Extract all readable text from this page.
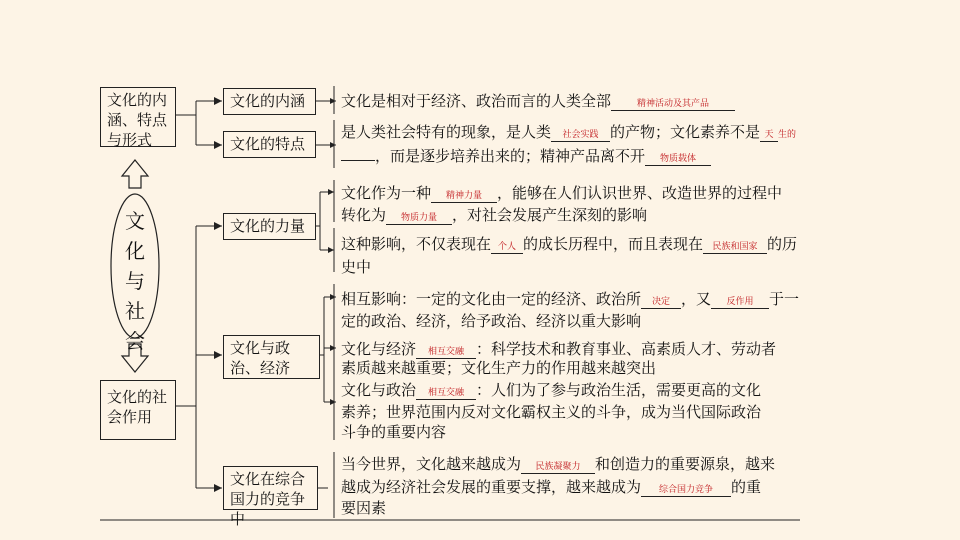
文化的内涵、特点与形式
文化与社会
文化的社会作用
文化的内涵
文化的特点
文化的力量
文化与政治、经济
文化在综合国力的竞争中
文化是相对于经济、政治而言的人类全部	精神活动及其产品
是人类社会特有的现象，是人类 社会实践 的产物；文化素养不是 天 生的
，而是逐步培养出来的；精神产品离不开 物质载体
文化作为一种 精神力量 ，能够在人们认识世界、改造世界的过程中
转化为 物质力量 ，对社会发展产生深刻的影响
这种影响，不仅表现在 个人 的成长历程中，而且表现在 民族和国家 的历
史中
相互影响：一定的文化由一定的经济、政治所 决定 ，又 反作用 于一
定的政治、经济，给予政治、经济以重大影响
文化与经济 相互交融 ：科学技术和教育事业、高素质人才、劳动者
素质越来越重要；文化生产力的作用越来越突出
文化与政治 相互交融 ：人们为了参与政治生活，需要更高的文化
素养；世界范围内反对文化霸权主义的斗争，成为当代国际政治
斗争的重要内容
当今世界，文化越来越成为 民族凝聚力 和创造力的重要源泉，越来
越成为经济社会发展的重要支撑，越来越成为 综合国力竞争 的重
要因素
